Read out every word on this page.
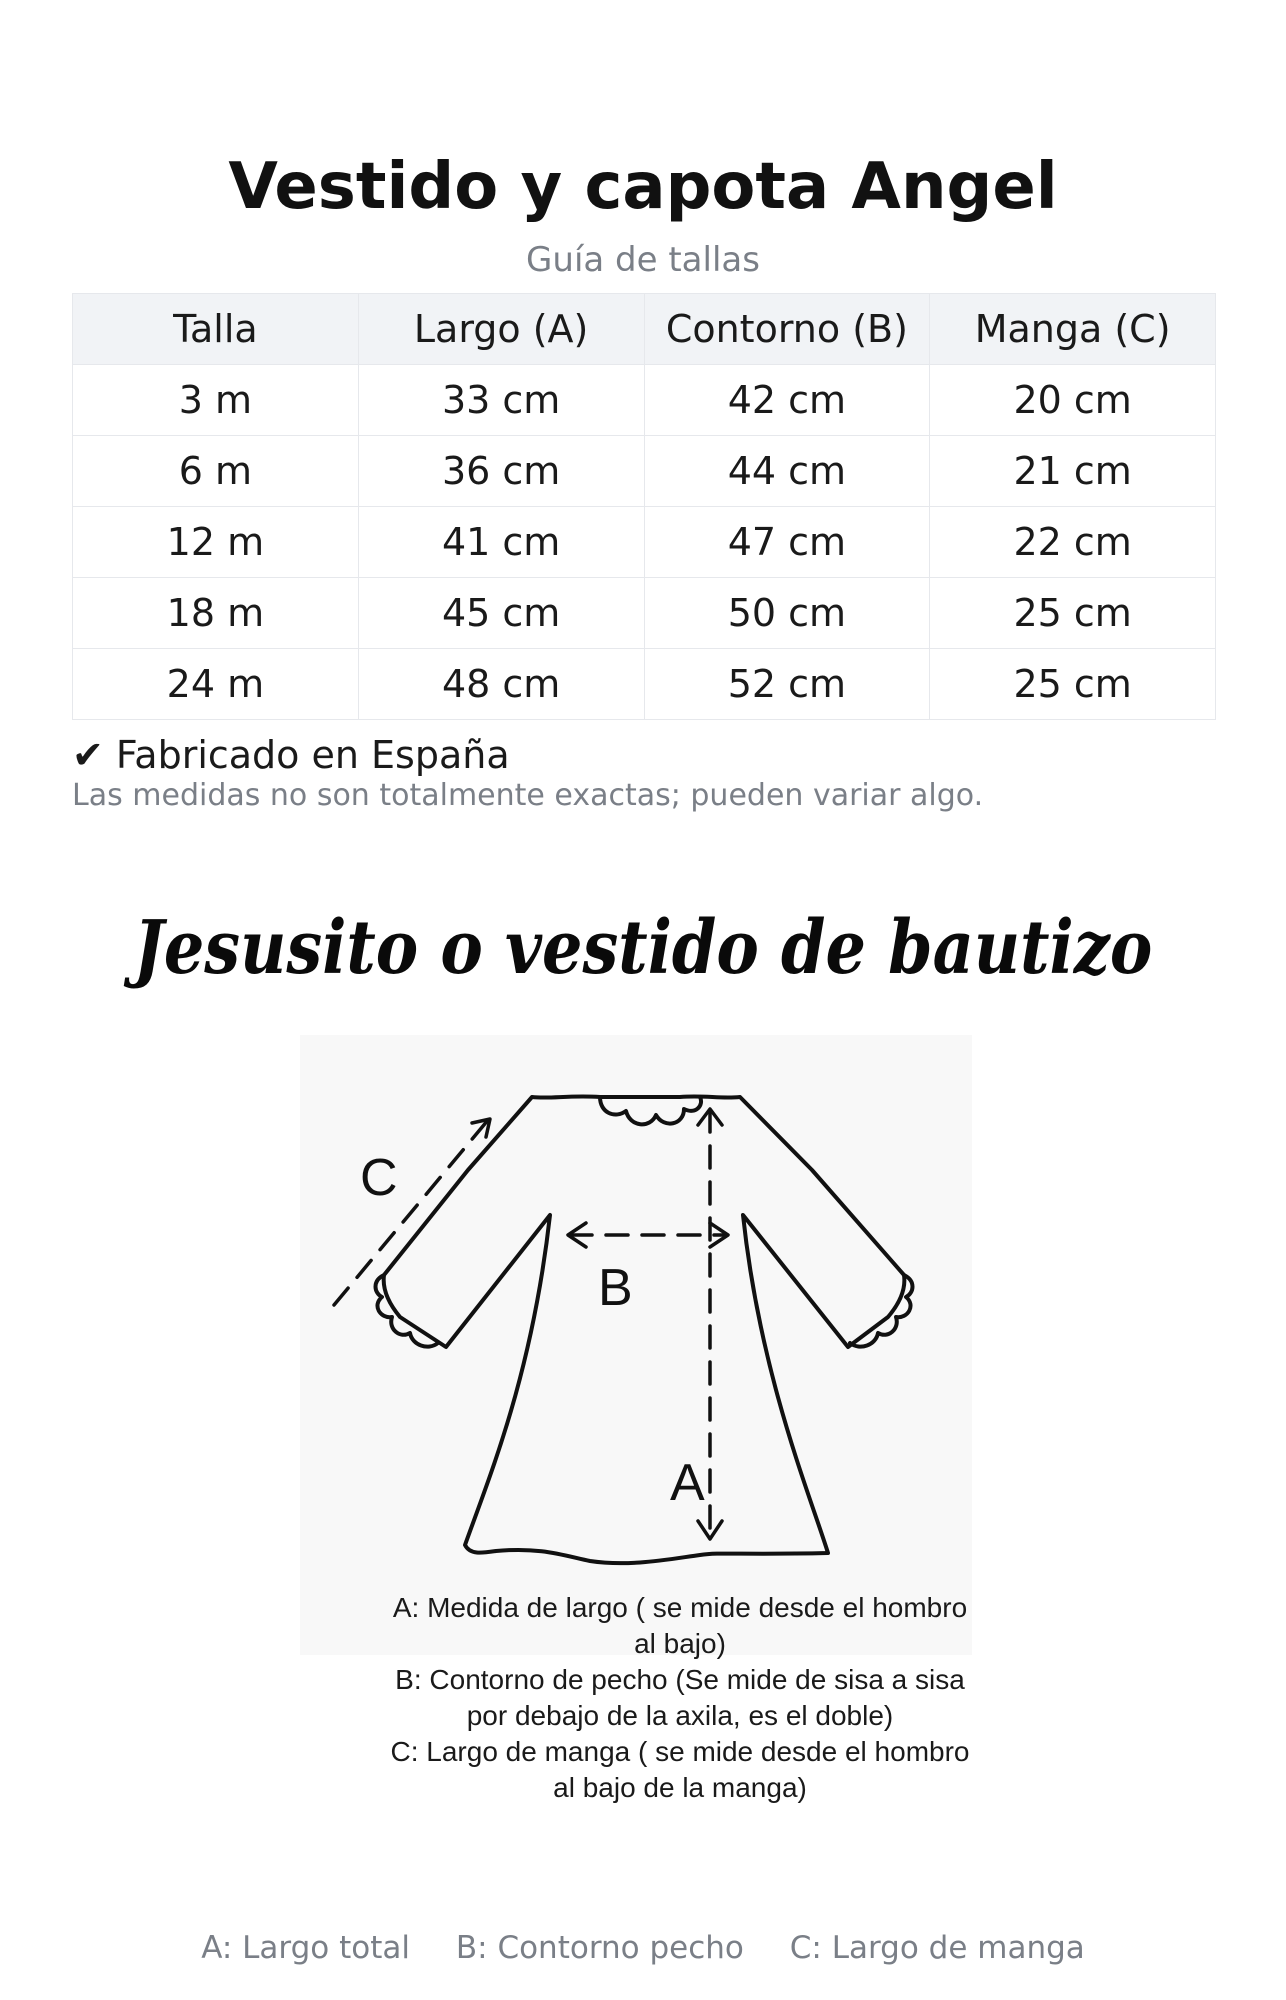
Vestido y capota Angel
Guía de tallas
Talla	Largo (A)	Contorno (B)	Manga (C)
3 m	33 cm	42 cm	20 cm
6 m	36 cm	44 cm	21 cm
12 m	41 cm	47 cm	22 cm
18 m	45 cm	50 cm	25 cm
24 m	48 cm	52 cm	25 cm
✔ Fabricado en España
Las medidas no son totalmente exactas; pueden variar algo.
Jesusito o vestido de bautizo
A
B
C
A: Medida de largo ( se mide desde el hombro
al bajo)
B: Contorno de pecho (Se mide de sisa a sisa
por debajo de la axila, es el doble)
C: Largo de manga ( se mide desde el hombro
al bajo de la manga)
A: Largo total B: Contorno pecho C: Largo de manga
